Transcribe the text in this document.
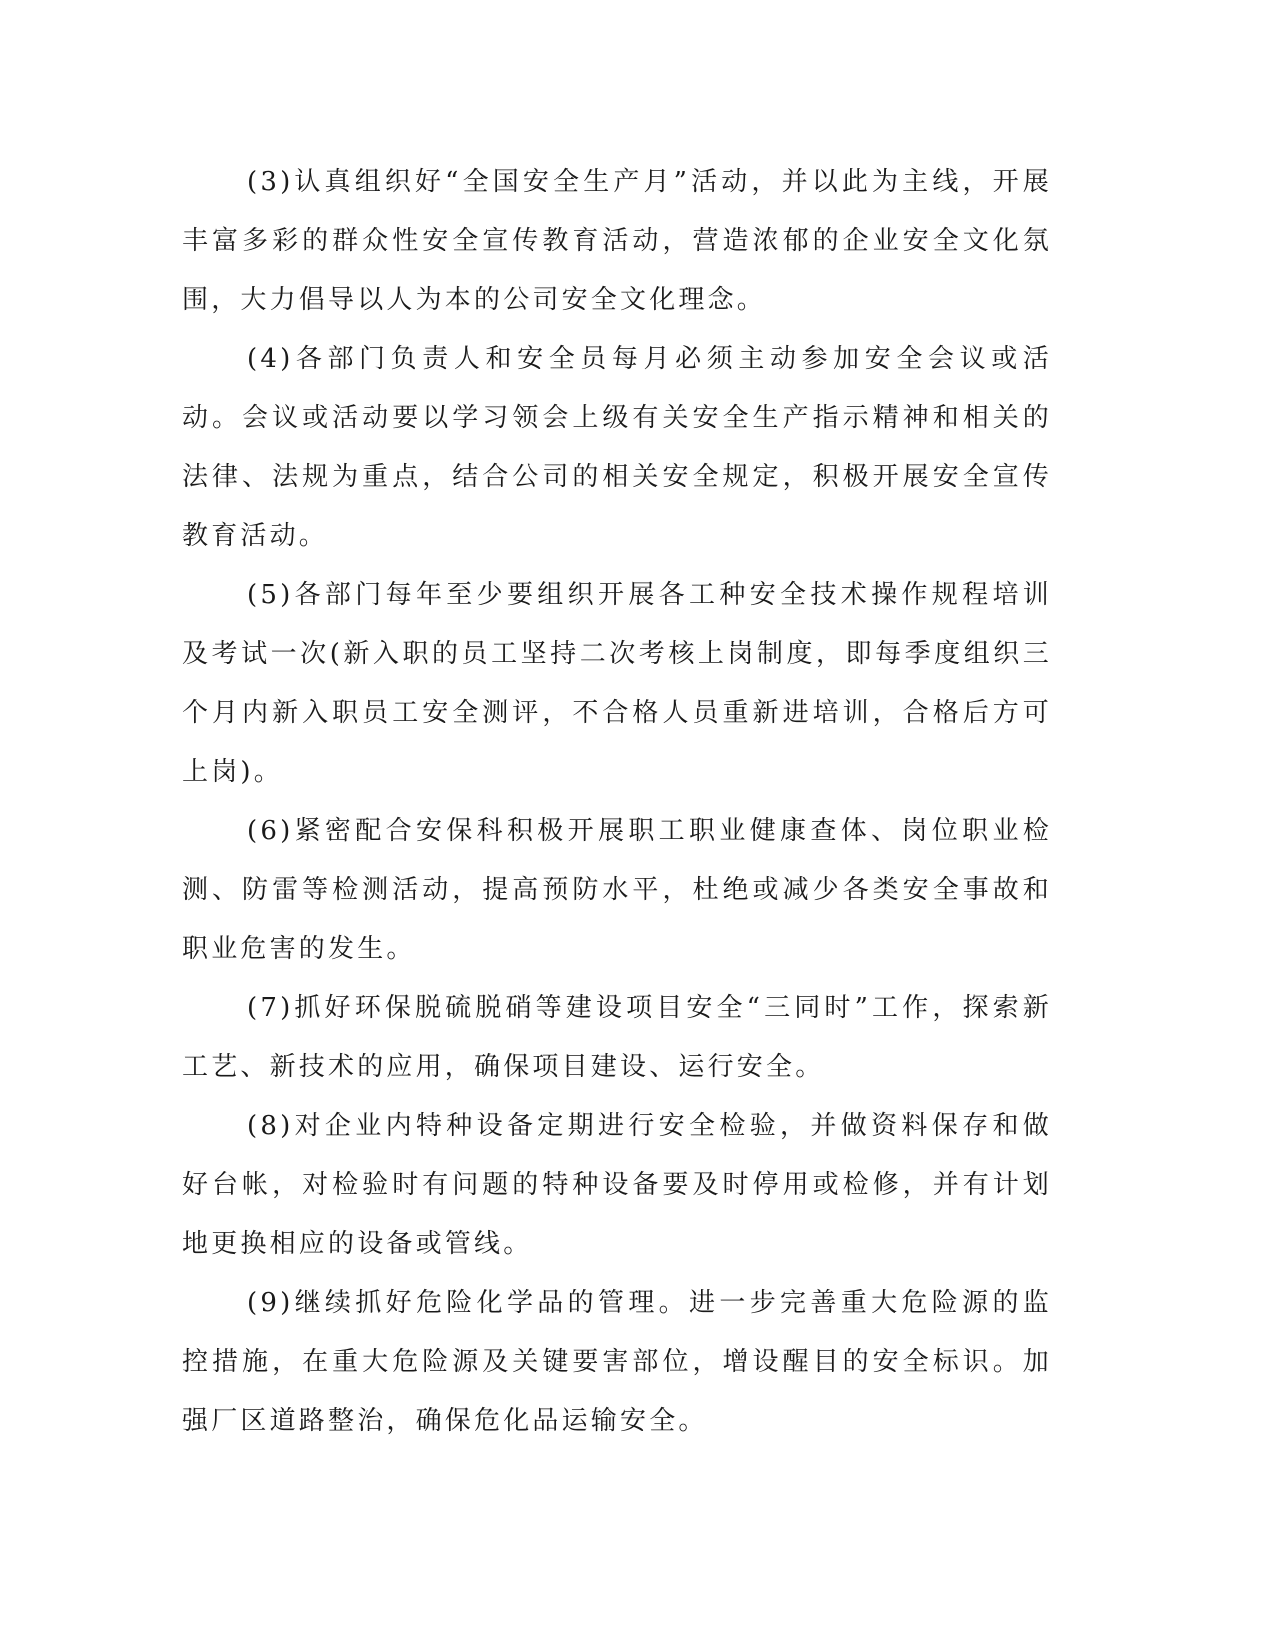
(3)认真组织好“全国安全生产月”活动，并以此为主线，开展丰富多彩的群众性安全宣传教育活动，营造浓郁的企业安全文化氛围，大力倡导以人为本的公司安全文化理念。

(4)各部门负责人和安全员每月必须主动参加安全会议或活动。会议或活动要以学习领会上级有关安全生产指示精神和相关的法律、法规为重点，结合公司的相关安全规定，积极开展安全宣传教育活动。

(5)各部门每年至少要组织开展各工种安全技术操作规程培训及考试一次(新入职的员工坚持二次考核上岗制度，即每季度组织三个月内新入职员工安全测评，不合格人员重新进培训，合格后方可上岗)。

(6)紧密配合安保科积极开展职工职业健康查体、岗位职业检测、防雷等检测活动，提高预防水平，杜绝或减少各类安全事故和职业危害的发生。

(7)抓好环保脱硫脱硝等建设项目安全“三同时”工作，探索新工艺、新技术的应用，确保项目建设、运行安全。

(8)对企业内特种设备定期进行安全检验，并做资料保存和做好台帐，对检验时有问题的特种设备要及时停用或检修，并有计划地更换相应的设备或管线。

(9)继续抓好危险化学品的管理。进一步完善重大危险源的监控措施，在重大危险源及关键要害部位，增设醒目的安全标识。加强厂区道路整治，确保危化品运输安全。
